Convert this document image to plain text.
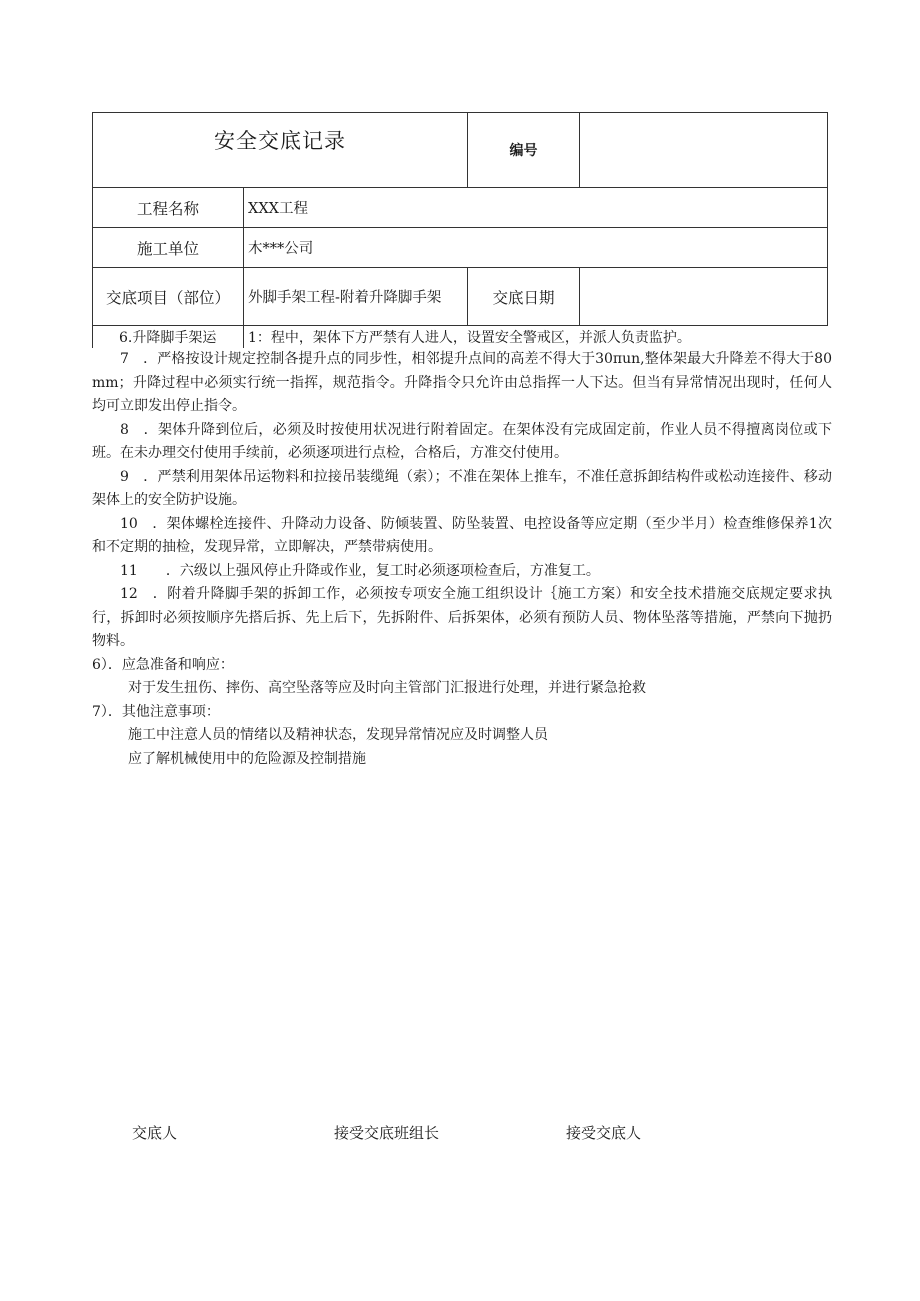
安全交底记录		编号	
工程名称	XXX工程		
施工单位	木***公司		
交底项目（部位）	外脚手架工程-附着升降脚手架	交底日期	
6.升降脚手架运	1：程中，架体下方严禁有人进人，设置安全警戒区，并派人负责监护。		

7　．严格按设计规定控制各提升点的同步性，相邻提升点间的高差不得大于30πun,整体架最大升降差不得大于80mm；升降过程中必须实行统一指挥，规范指令。升降指令只允许由总指挥一人下达。但当有异常情况出现时，任何人均可立即发出停止指令。

8　．架体升降到位后，必须及时按使用状况进行附着固定。在架体没有完成固定前，作业人员不得擅离岗位或下班。在未办理交付使用手续前，必须逐项进行点检，合格后，方准交付使用。

9　．严禁利用架体吊运物料和拉接吊装缆绳（索）；不准在架体上推车，不准任意拆卸结构件或松动连接件、移动架体上的安全防护设施。

10　．架体螺栓连接件、升降动力设备、防倾装置、防坠装置、电控设备等应定期（至少半月）检查维修保养1次和不定期的抽检，发现异常，立即解决，严禁带病使用。

11　　．六级以上强风停止升降或作业，复工时必须逐项检查后，方准复工。

12　．附着升降脚手架的拆卸工作，必须按专项安全施工组织设计｛施工方案）和安全技术措施交底规定要求执行，拆卸时必须按顺序先搭后拆、先上后下，先拆附件、后拆架体，必须有预防人员、物体坠落等措施，严禁向下抛扔物料。

6）．应急准备和响应：

对于发生扭伤、摔伤、高空坠落等应及时向主管部门汇报进行处理，并进行紧急抢救

7）．其他注意事项：

施工中注意人员的情绪以及精神状态，发现异常情况应及时调整人员

应了解机械使用中的危险源及控制措施

交底人	接受交底班组长	接受交底人
